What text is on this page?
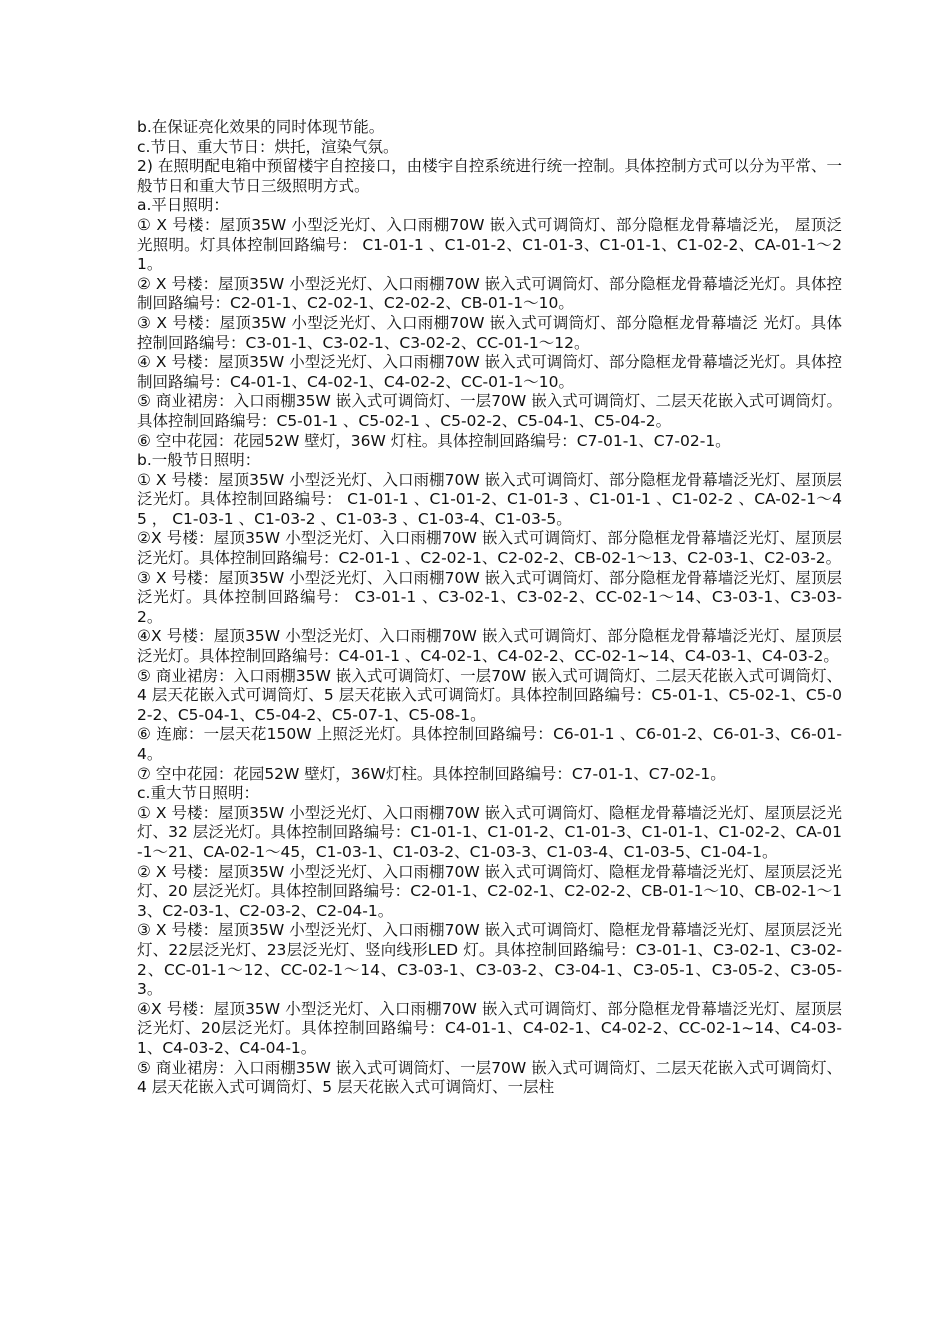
b.在保证亮化效果的同时体现节能。

c.节日、重大节日：烘托，渲染气氛。

2) 在照明配电箱中预留楼宇自控接口，由楼宇自控系统进行统一控制。具体控制方式可以分为平常、一般节日和重大节日三级照明方式。

a.平日照明：

① X 号楼：屋顶35W 小型泛光灯、入口雨棚70W 嵌入式可调筒灯、部分隐框龙骨幕墙泛光， 屋顶泛光照明。灯具体控制回路编号： C1-01-1 、C1-01-2、C1-01-3、C1-01-1、C1-02-2、CA-01-1～21。

② X 号楼：屋顶35W 小型泛光灯、入口雨棚70W 嵌入式可调筒灯、部分隐框龙骨幕墙泛光灯。具体控制回路编号：C2-01-1、C2-02-1、C2-02-2、CB-01-1～10。

③ X 号楼：屋顶35W 小型泛光灯、入口雨棚70W 嵌入式可调筒灯、部分隐框龙骨幕墙泛 光灯。具体控制回路编号：C3-01-1、C3-02-1、C3-02-2、CC-01-1～12。

④ X 号楼：屋顶35W 小型泛光灯、入口雨棚70W 嵌入式可调筒灯、部分隐框龙骨幕墙泛光灯。具体控制回路编号：C4-01-1、C4-02-1、C4-02-2、CC-01-1～10。

⑤ 商业裙房：入口雨棚35W 嵌入式可调筒灯、一层70W 嵌入式可调筒灯、二层天花嵌入式可调筒灯。具体控制回路编号：C5-01-1 、C5-02-1 、C5-02-2、C5-04-1、C5-04-2。

⑥ 空中花园：花园52W 壁灯，36W 灯柱。具体控制回路编号：C7-01-1、C7-02-1。

b.一般节日照明：

① X 号楼：屋顶35W 小型泛光灯、入口雨棚70W 嵌入式可调筒灯、部分隐框龙骨幕墙泛光灯、屋顶层泛光灯。具体控制回路编号： C1-01-1 、C1-01-2、C1-01-3 、C1-01-1 、C1-02-2 、CA-02-1～45 ， C1-03-1 、C1-03-2 、C1-03-3 、C1-03-4、C1-03-5。

②X 号楼：屋顶35W 小型泛光灯、入口雨棚70W 嵌入式可调筒灯、部分隐框龙骨幕墙泛光灯、屋顶层泛光灯。具体控制回路编号：C2-01-1 、C2-02-1、C2-02-2、CB-02-1～13、C2-03-1、C2-03-2。

③ X 号楼：屋顶35W 小型泛光灯、入口雨棚70W 嵌入式可调筒灯、部分隐框龙骨幕墙泛光灯、屋顶层泛光灯。具体控制回路编号： C3-01-1 、C3-02-1、C3-02-2、CC-02-1～14、C3-03-1、C3-03-2。

④X 号楼：屋顶35W 小型泛光灯、入口雨棚70W 嵌入式可调筒灯、部分隐框龙骨幕墙泛光灯、屋顶层泛光灯。具体控制回路编号：C4-01-1 、C4-02-1、C4-02-2、CC-02-1~14、C4-03-1、C4-03-2。

⑤ 商业裙房：入口雨棚35W 嵌入式可调筒灯、一层70W 嵌入式可调筒灯、二层天花嵌入式可调筒灯、4 层天花嵌入式可调筒灯、5 层天花嵌入式可调筒灯。具体控制回路编号：C5-01-1、C5-02-1、C5-02-2、C5-04-1、C5-04-2、C5-07-1、C5-08-1。

⑥ 连廊：一层天花150W 上照泛光灯。具体控制回路编号：C6-01-1 、C6-01-2、C6-01-3、C6-01-4。

⑦ 空中花园：花园52W 壁灯，36W灯柱。具体控制回路编号：C7-01-1、C7-02-1。

c.重大节日照明：

① X 号楼：屋顶35W 小型泛光灯、入口雨棚70W 嵌入式可调筒灯、隐框龙骨幕墙泛光灯、屋顶层泛光灯、32 层泛光灯。具体控制回路编号：C1-01-1、C1-01-2、C1-01-3、C1-01-1、C1-02-2、CA-01-1～21、CA-02-1～45，C1-03-1、C1-03-2、C1-03-3、C1-03-4、C1-03-5、C1-04-1。

② X 号楼：屋顶35W 小型泛光灯、入口雨棚70W 嵌入式可调筒灯、隐框龙骨幕墙泛光灯、屋顶层泛光灯、20 层泛光灯。具体控制回路编号：C2-01-1、C2-02-1、C2-02-2、CB-01-1～10、CB-02-1～13、C2-03-1、C2-03-2、C2-04-1。

③ X 号楼：屋顶35W 小型泛光灯、入口雨棚70W 嵌入式可调筒灯、隐框龙骨幕墙泛光灯、屋顶层泛光灯、22层泛光灯、23层泛光灯、竖向线形LED 灯。具体控制回路编号：C3-01-1、C3-02-1、C3-02-2、CC-01-1～12、CC-02-1～14、C3-03-1、C3-03-2、C3-04-1、C3-05-1、C3-05-2、C3-05-3。

④X 号楼：屋顶35W 小型泛光灯、入口雨棚70W 嵌入式可调筒灯、部分隐框龙骨幕墙泛光灯、屋顶层泛光灯、20层泛光灯。具体控制回路编号：C4-01-1、C4-02-1、C4-02-2、CC-02-1~14、C4-03-1、C4-03-2、C4-04-1。

⑤ 商业裙房：入口雨棚35W 嵌入式可调筒灯、一层70W 嵌入式可调筒灯、二层天花嵌入式可调筒灯、4 层天花嵌入式可调筒灯、5 层天花嵌入式可调筒灯、一层柱
